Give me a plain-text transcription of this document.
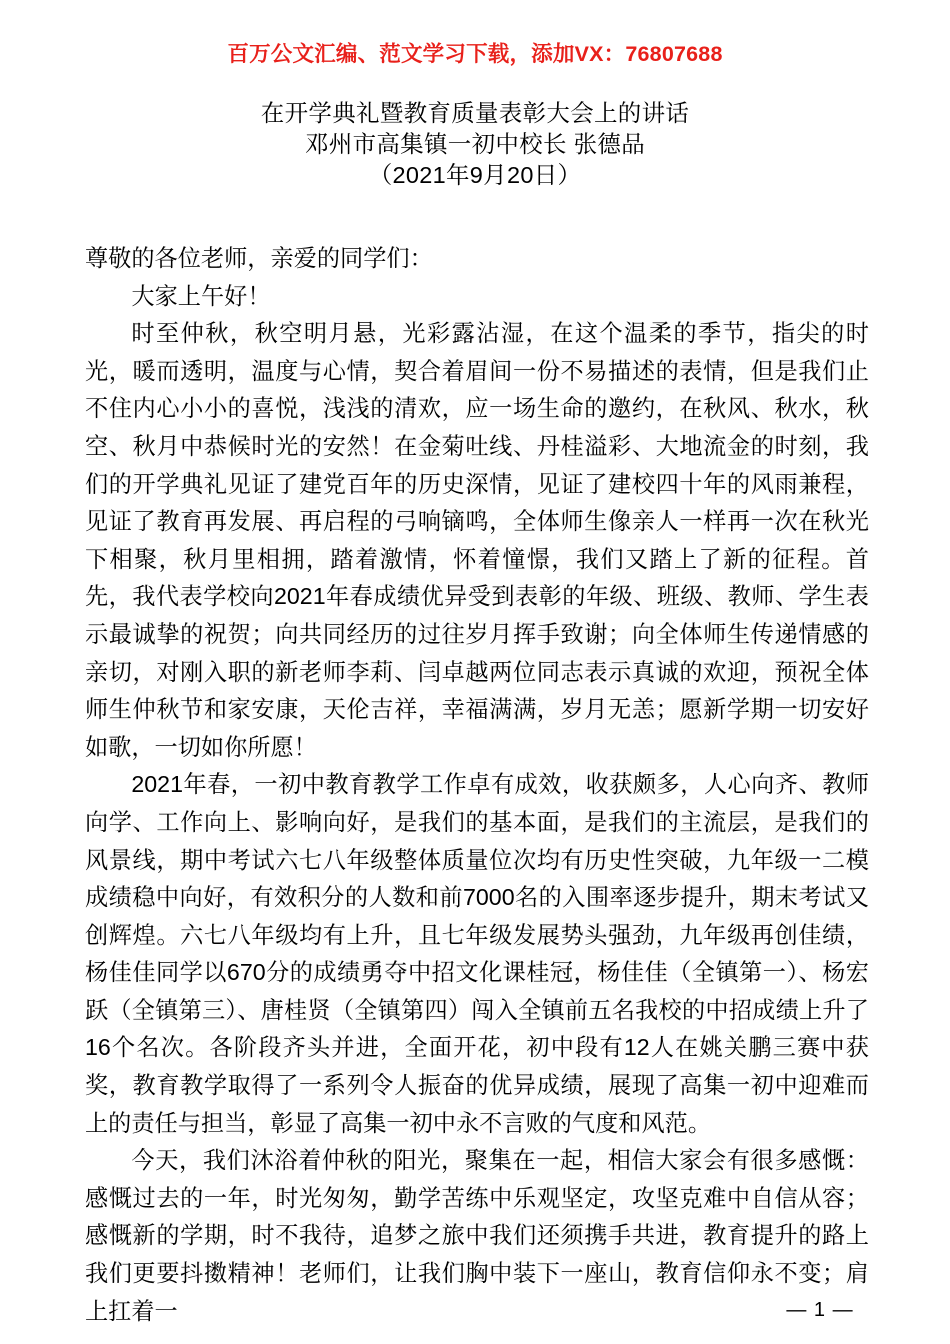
百万公文汇编、范文学习下载，添加VX：76807688
在开学典礼暨教育质量表彰大会上的讲话
邓州市高集镇一初中校长 张德品
（2021年9月20日）

尊敬的各位老师，亲爱的同学们：

大家上午好！

时至仲秋，秋空明月悬，光彩露沾湿，在这个温柔的季节，指尖的时光，暖而透明，温度与心情，契合着眉间一份不易描述的表情，但是我们止不住内心小小的喜悦，浅浅的清欢，应一场生命的邀约，在秋风、秋水，秋空、秋月中恭候时光的安然！在金菊吐线、丹桂溢彩、大地流金的时刻，我们的开学典礼见证了建党百年的历史深情，见证了建校四十年的风雨兼程，见证了教育再发展、再启程的弓响镝鸣，全体师生像亲人一样再一次在秋光下相聚，秋月里相拥，踏着激情，怀着憧憬，我们又踏上了新的征程。首先，我代表学校向2021年春成绩优异受到表彰的年级、班级、教师、学生表示最诚挚的祝贺；向共同经历的过往岁月挥手致谢；向全体师生传递情感的亲切，对刚入职的新老师李莉、闫卓越两位同志表示真诚的欢迎，预祝全体师生仲秋节和家安康，天伦吉祥，幸福满满，岁月无恙；愿新学期一切安好如歌，一切如你所愿！

2021年春，一初中教育教学工作卓有成效，收获颇多，人心向齐、教师向学、工作向上、影响向好，是我们的基本面，是我们的主流层，是我们的风景线，期中考试六七八年级整体质量位次均有历史性突破，九年级一二模成绩稳中向好，有效积分的人数和前7000名的入围率逐步提升，期末考试又创辉煌。六七八年级均有上升，且七年级发展势头强劲，九年级再创佳绩，杨佳佳同学以670分的成绩勇夺中招文化课桂冠，杨佳佳（全镇第一）、杨宏跃（全镇第三）、唐桂贤（全镇第四）闯入全镇前五名我校的中招成绩上升了16个名次。各阶段齐头并进，全面开花，初中段有12人在姚关鹏三赛中获奖，教育教学取得了一系列令人振奋的优异成绩，展现了高集一初中迎难而上的责任与担当，彰显了高集一初中永不言败的气度和风范。

今天，我们沐浴着仲秋的阳光，聚集在一起，相信大家会有很多感慨：感慨过去的一年，时光匆匆，勤学苦练中乐观坚定，攻坚克难中自信从容；感慨新的学期，时不我待，追梦之旅中我们还须携手共进，教育提升的路上我们更要抖擞精神！老师们，让我们胸中装下一座山，教育信仰永不变；肩上扛着一	— 1 —
